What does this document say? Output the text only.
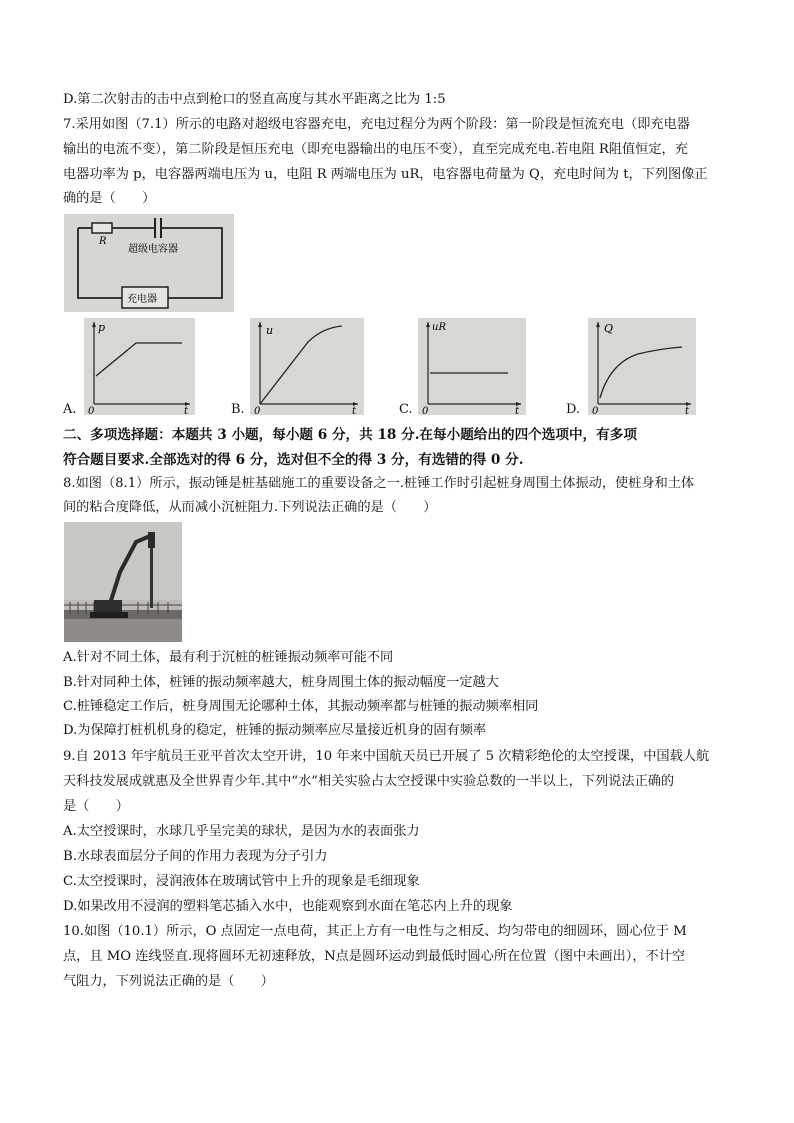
D.第二次射击的击中点到枪口的竖直高度与其水平距离之比为 1:5
7.采用如图（7.1）所示的电路对超级电容器充电，充电过程分为两个阶段：第一阶段是恒流充电（即充电器
输出的电流不变），第二阶段是恒压充电（即充电器输出的电压不变），直至完成充电.若电阻 R阻值恒定，充
电器功率为 p，电容器两端电压为 u，电阻 R 两端电压为 uR，电容器电荷量为 Q，充电时间为 t，下列图像正
确的是（　　）
R
超级电容器
充电器
A.
p
0	t	B.
u
0	t	C.
uR
0	t	D.
Q
0	t
二、多项选择题：本题共 3 小题，每小题 6 分，共 18 分.在每小题给出的四个选项中，有多项
符合题目要求.全部选对的得 6 分，选对但不全的得 3 分，有选错的得 0 分.
8.如图（8.1）所示，振动锤是桩基础施工的重要设备之一.桩锤工作时引起桩身周围土体振动，使桩身和土体
间的粘合度降低，从而减小沉桩阻力.下列说法正确的是（　　）
A.针对不同土体，最有利于沉桩的桩锤振动频率可能不同
B.针对同种土体，桩锤的振动频率越大，桩身周围土体的振动幅度一定越大
C.桩锤稳定工作后，桩身周围无论哪种土体，其振动频率都与桩锤的振动频率相同
D.为保障打桩机机身的稳定，桩锤的振动频率应尽量接近机身的固有频率
9.自 2013 年宇航员王亚平首次太空开讲，10 年来中国航天员已开展了 5 次精彩绝伦的太空授课，中国载人航
天科技发展成就惠及全世界青少年.其中“水”相关实验占太空授课中实验总数的一半以上，下列说法正确的
是（　　）
A.太空授课时，水球几乎呈完美的球状，是因为水的表面张力
B.水球表面层分子间的作用力表现为分子引力
C.太空授课时，浸润液体在玻璃试管中上升的现象是毛细现象
D.如果改用不浸润的塑料笔芯插入水中，也能观察到水面在笔芯内上升的现象
10.如图（10.1）所示，O 点固定一点电荷，其正上方有一电性与之相反、均匀带电的细圆环，圆心位于 M
点，且 MO 连线竖直.现将圆环无初速释放，N点是圆环运动到最低时圆心所在位置（图中未画出），不计空
气阻力，下列说法正确的是（　　）
